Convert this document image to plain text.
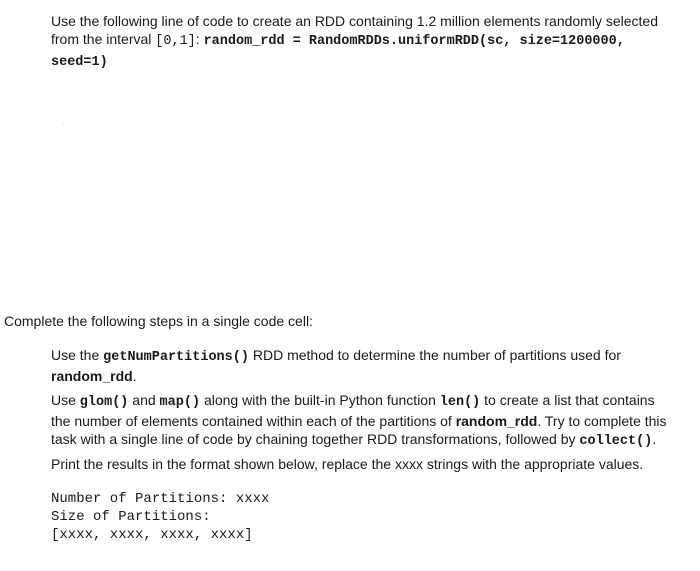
Use the following line of code to create an RDD containing 1.2 million elements randomly selected from the interval [0,1]: random_rdd = RandomRDDs.uniformRDD(sc, size=1200000, seed=1)

Complete the following steps in a single code cell:

Use the getNumPartitions() RDD method to determine the number of partitions used for random_rdd.

Use glom() and map() along with the built-in Python function len() to create a list that contains the number of elements contained within each of the partitions of random_rdd. Try to complete this task with a single line of code by chaining together RDD transformations, followed by collect().

Print the results in the format shown below, replace the xxxx strings with the appropriate values.

Number of Partitions: xxxx
Size of Partitions:
[xxxx, xxxx, xxxx, xxxx]
